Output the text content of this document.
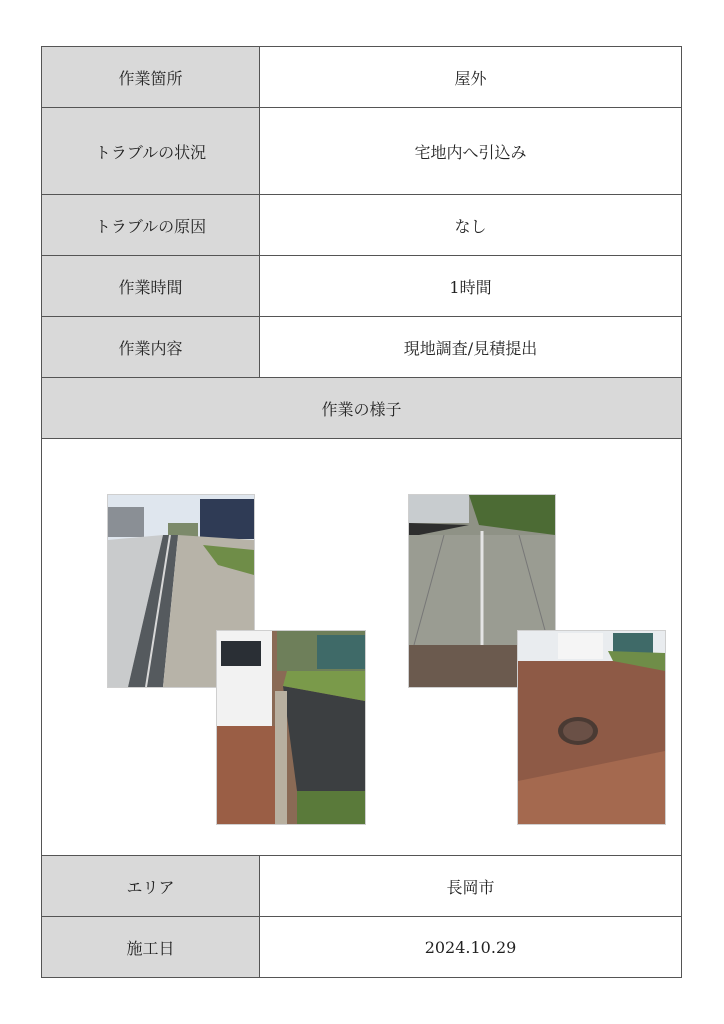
作業箇所	屋外
トラブルの状況	宅地内へ引込み
トラブルの原因	なし
作業時間	1時間
作業内容	現地調査/見積提出
作業の様子	

エリア	長岡市
施工日	2024.10.29
